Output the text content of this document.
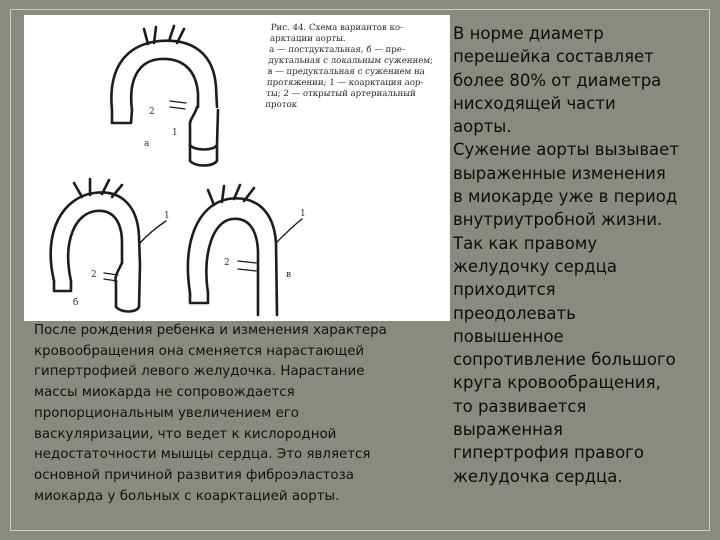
2
1
а
2
1
б
2
1
в
Рис. 44. Схема вариантов ко-
арктации аорты.
а — постдуктальная, б — пре-
дуктальная с локальным сужением;
в — предуктальная с сужением на
протяжении; 1 — коарктация аор-
ты; 2 — открытый артериальный
проток
После рождения ребенка и изменения характера
кровообращения она сменяется нарастающей
гипертрофией левого желудочка. Нарастание
массы миокарда не сопровождается
пропорциональным увеличением его
васкуляризации, что ведет к кислородной
недостаточности мышцы сердца. Это является
основной причиной развития фиброэластоза
миокарда у больных с коарктацией аорты.
В норме диаметр
перешейка составляет
более 80% от диаметра
нисходящей части
аорты.
Сужение аорты вызывает
выраженные изменения
в миокарде уже в период
внутриутробной жизни.
Так как правому
желудочку сердца
приходится
преодолевать
повышенное
сопротивление большого
круга кровообращения,
то развивается
выраженная
гипертрофия правого
желудочка сердца.
